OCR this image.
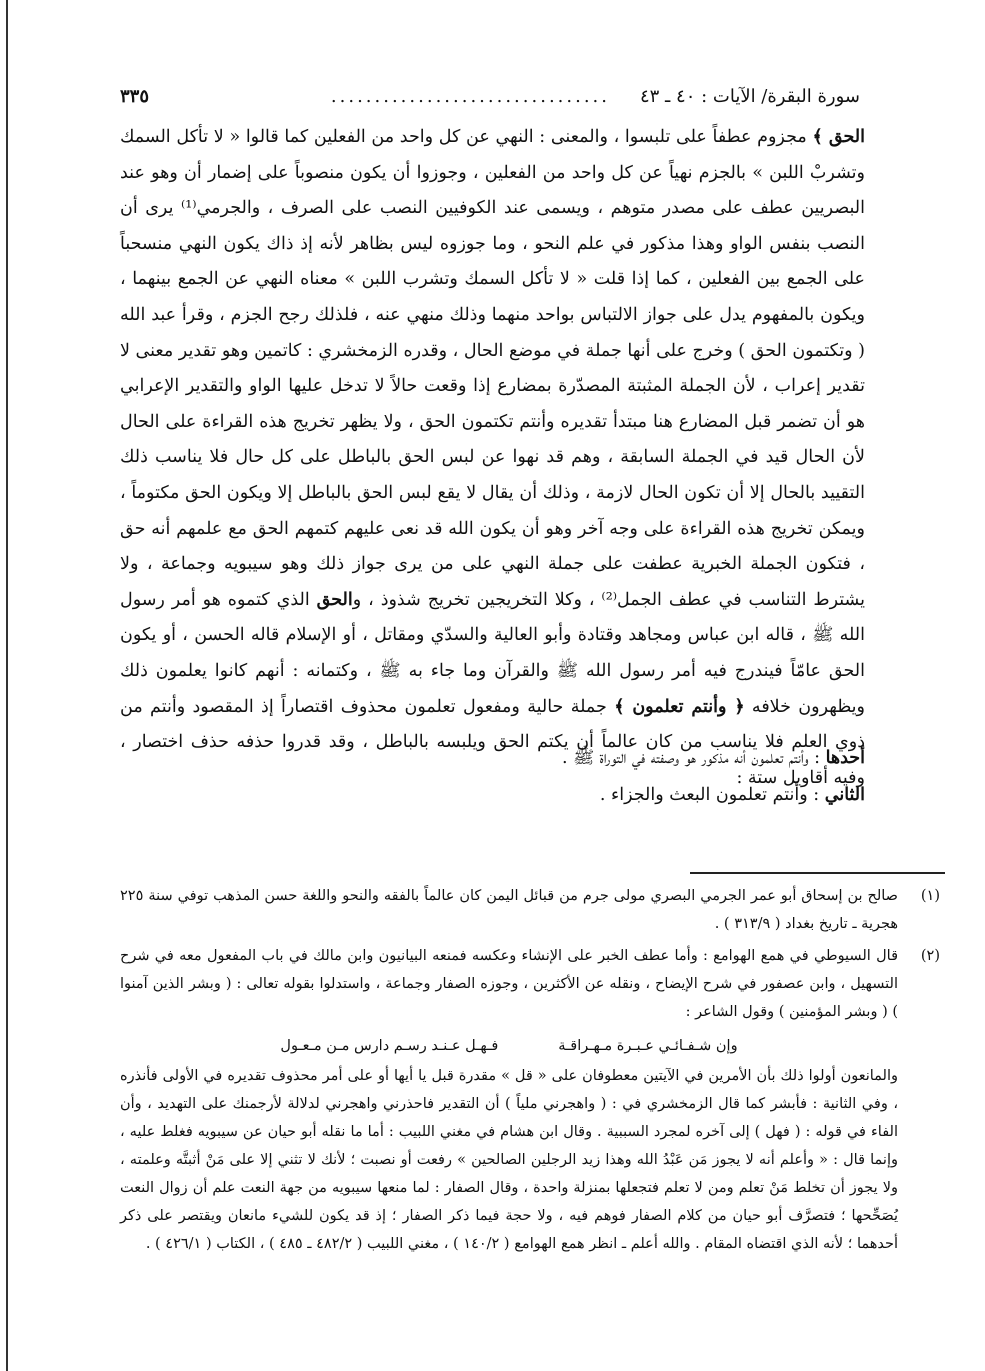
سورة البقرة/ الآيات : ٤٠ ـ ٤٣
................................
٣٣٥

الحق ﴾ مجزوم عطفاً على تلبسوا ، والمعنى : النهي عن كل واحد من الفعلين كما قالوا « لا تأكل السمك وتشربْ اللبن » بالجزم نهياً عن كل واحد من الفعلين ، وجوزوا أن يكون منصوباً على إضمار أن وهو عند البصريين عطف على مصدر متوهم ، ويسمى عند الكوفيين النصب على الصرف ، والجرمي⁽¹⁾ يرى أن النصب بنفس الواو وهذا مذكور في علم النحو ، وما جوزوه ليس بظاهر لأنه إذ ذاك يكون النهي منسحباً على الجمع بين الفعلين ، كما إذا قلت « لا تأكل السمك وتشرب اللبن » معناه النهي عن الجمع بينهما ، ويكون بالمفهوم يدل على جواز الالتباس بواحد منهما وذلك منهي عنه ، فلذلك رجح الجزم ، وقرأ عبد الله ( وتكتمون الحق ) وخرج على أنها جملة في موضع الحال ، وقدره الزمخشري : كاتمين وهو تقدير معنى لا تقدير إعراب ، لأن الجملة المثبتة المصدّرة بمضارع إذا وقعت حالاً لا تدخل عليها الواو والتقدير الإعرابي هو أن تضمر قبل المضارع هنا مبتدأ تقديره وأنتم تكتمون الحق ، ولا يظهر تخريج هذه القراءة على الحال لأن الحال قيد في الجملة السابقة ، وهم قد نهوا عن لبس الحق بالباطل على كل حال فلا يناسب ذلك التقييد بالحال إلا أن تكون الحال لازمة ، وذلك أن يقال لا يقع لبس الحق بالباطل إلا ويكون الحق مكتوماً ، ويمكن تخريج هذه القراءة على وجه آخر وهو أن يكون الله قد نعى عليهم كتمهم الحق مع علمهم أنه حق ، فتكون الجملة الخبرية عطفت على جملة النهي على من يرى جواز ذلك وهو سيبويه وجماعة ، ولا يشترط التناسب في عطف الجمل⁽²⁾ ، وكلا التخريجين تخريج شذوذ ، والحق الذي كتموه هو أمر رسول الله ﷺ ، قاله ابن عباس ومجاهد وقتادة وأبو العالية والسدّي ومقاتل ، أو الإسلام قاله الحسن ، أو يكون الحق عامّاً فيندرج فيه أمر رسول الله ﷺ والقرآن وما جاء به ﷺ ، وكتمانه : أنهم كانوا يعلمون ذلك ويظهرون خلافه ﴿ وأنتم تعلمون ﴾ جملة حالية ومفعول تعلمون محذوف اقتصاراً إذ المقصود وأنتم من ذوي العلم فلا يناسب من كان عالماً أن يكتم الحق ويلبسه بالباطل ، وقد قدروا حذفه حذف اختصار ، وفيه أقاويل ستة :

أحدها : وأنتم تعلمون أنه مذكور هو وصفته في التوراة ﷺ .

الثاني : وأنتم تعلمون البعث والجزاء .

(١)
صالح بن إسحاق أبو عمر الجرمي البصري مولى جرم من قبائل اليمن كان عالماً بالفقه والنحو واللغة حسن المذهب توفي سنة ٢٢٥ هجرية ـ تاريخ بغداد ( ٣١٣/٩ ) .
(٢)
قال السيوطي في همع الهوامع : وأما عطف الخبر على الإنشاء وعكسه فمنعه البيانيون وابن مالك في باب المفعول معه في شرح التسهيل ، وابن عصفور في شرح الإيضاح ، ونقله عن الأكثرين ، وجوزه الصفار وجماعة ، واستدلوا بقوله تعالى : ( وبشر الذين آمنوا ) ( وبشر المؤمنين ) وقول الشاعر :
وإن شـفـائـي عـبـرة مـهـراقـة
فـهـل عـنـد رسـم دارس مـن مـعـول

والمانعون أولوا ذلك بأن الأمرين في الآيتين معطوفان على « قل » مقدرة قبل يا أيها أو على أمر محذوف تقديره في الأولى فأنذره ، وفي الثانية : فأبشر كما قال الزمخشري في : ( واهجرني ملياً ) أن التقدير فاحذرني واهجرني لدلالة لأرجمنك على التهديد ، وأن الفاء في قوله : ( فهل ) إلى آخره لمجرد السببية . وقال ابن هشام في مغني اللبيب : أما ما نقله أبو حيان عن سيبويه فغلط عليه ، وإنما قال : « وأعلم أنه لا يجوز مَن عَبْدُ الله وهذا زيد الرجلين الصالحين » رفعت أو نصبت ؛ لأنك لا تثني إلا على مَنْ أثبتَّه وعلمته ، ولا يجوز أن تخلط مَنْ تعلم ومن لا تعلم فتجعلها بمنزلة واحدة ، وقال الصفار : لما منعها سيبويه من جهة النعت علم أن زوال النعت يُصَحِّحها ؛ فتصرَّف أبو حيان من كلام الصفار فوهم فيه ، ولا حجة فيما ذكر الصفار ؛ إذ قد يكون للشيء مانعان ويقتصر على ذكر أحدهما ؛ لأنه الذي اقتضاه المقام . والله أعلم ـ انظر همع الهوامع ( ١٤٠/٢ ) ، مغني اللبيب ( ٤٨٢/٢ ـ ٤٨٥ ) ، الكتاب ( ٤٢٦/١ ) .
